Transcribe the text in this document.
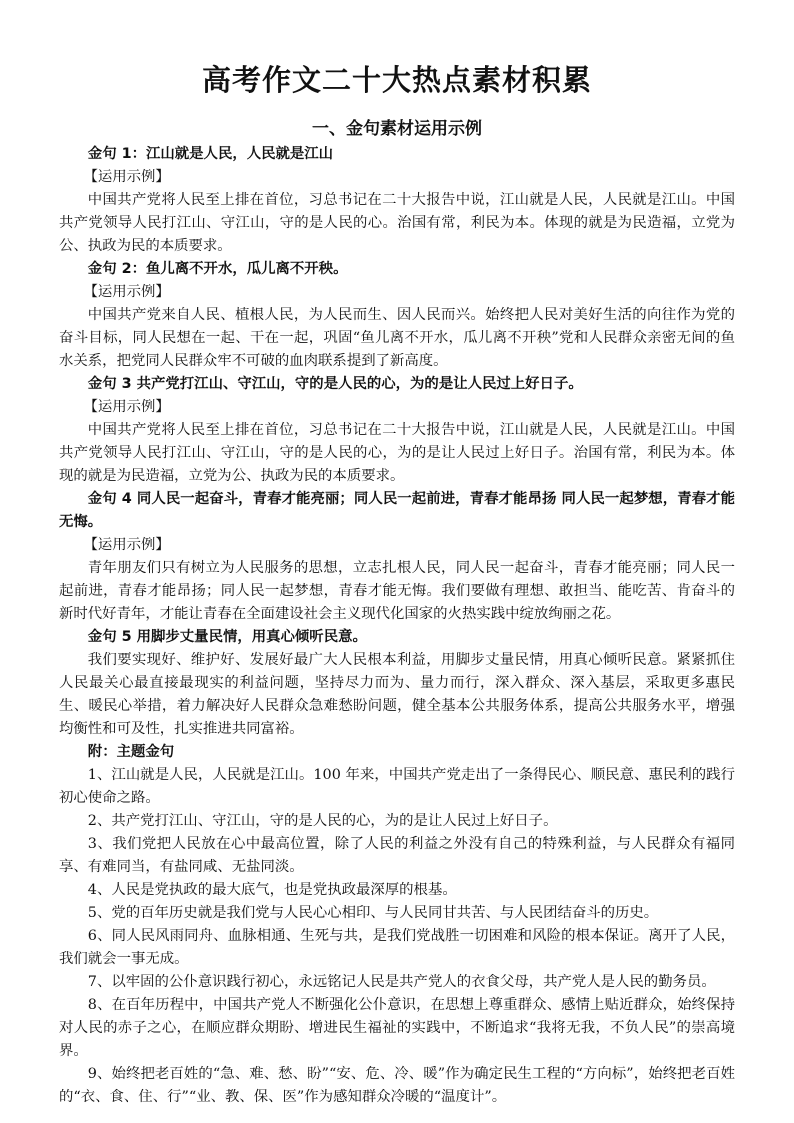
高考作文二十大热点素材积累
一、金句素材运用示例

金句 1：江山就是人民，人民就是江山

【运用示例】

中国共产党将人民至上排在首位，习总书记在二十大报告中说，江山就是人民，人民就是江山。中国共产党领导人民打江山、守江山，守的是人民的心。治国有常，利民为本。体现的就是为民造福，立党为公、执政为民的本质要求。

金句 2：鱼儿离不开水，瓜儿离不开秧。

【运用示例】

中国共产党来自人民、植根人民，为人民而生、因人民而兴。始终把人民对美好生活的向往作为党的奋斗目标，同人民想在一起、干在一起，巩固“鱼儿离不开水，瓜儿离不开秧”党和人民群众亲密无间的鱼水关系，把党同人民群众牢不可破的血肉联系提到了新高度。

金句 3 共产党打江山、守江山，守的是人民的心，为的是让人民过上好日子。

【运用示例】

中国共产党将人民至上排在首位，习总书记在二十大报告中说，江山就是人民，人民就是江山。中国共产党领导人民打江山、守江山，守的是人民的心，为的是让人民过上好日子。治国有常，利民为本。体现的就是为民造福，立党为公、执政为民的本质要求。

金句 4 同人民一起奋斗，青春才能亮丽；同人民一起前进，青春才能昂扬 同人民一起梦想，青春才能无悔。

【运用示例】

青年朋友们只有树立为人民服务的思想，立志扎根人民，同人民一起奋斗，青春才能亮丽；同人民一起前进，青春才能昂扬；同人民一起梦想，青春才能无悔。我们要做有理想、敢担当、能吃苦、肯奋斗的新时代好青年，才能让青春在全面建设社会主义现代化国家的火热实践中绽放绚丽之花。

金句 5 用脚步丈量民情，用真心倾听民意。

我们要实现好、维护好、发展好最广大人民根本利益，用脚步丈量民情，用真心倾听民意。紧紧抓住人民最关心最直接最现实的利益问题，坚持尽力而为、量力而行，深入群众、深入基层，采取更多惠民生、暖民心举措，着力解决好人民群众急难愁盼问题，健全基本公共服务体系，提高公共服务水平，增强均衡性和可及性，扎实推进共同富裕。

附：主题金句

1、江山就是人民，人民就是江山。100 年来，中国共产党走出了一条得民心、顺民意、惠民利的践行初心使命之路。

2、共产党打江山、守江山，守的是人民的心，为的是让人民过上好日子。

3、我们党把人民放在心中最高位置，除了人民的利益之外没有自己的特殊利益，与人民群众有福同享、有难同当，有盐同咸、无盐同淡。

4、人民是党执政的最大底气，也是党执政最深厚的根基。

5、党的百年历史就是我们党与人民心心相印、与人民同甘共苦、与人民团结奋斗的历史。

6、同人民风雨同舟、血脉相通、生死与共，是我们党战胜一切困难和风险的根本保证。离开了人民，我们就会一事无成。

7、以牢固的公仆意识践行初心，永远铭记人民是共产党人的衣食父母，共产党人是人民的勤务员。

8、在百年历程中，中国共产党人不断强化公仆意识，在思想上尊重群众、感情上贴近群众，始终保持对人民的赤子之心，在顺应群众期盼、增进民生福祉的实践中，不断追求“我将无我，不负人民”的崇高境界。

9、始终把老百姓的“急、难、愁、盼”“安、危、冷、暖”作为确定民生工程的“方向标”，始终把老百姓的“衣、食、住、行”“业、教、保、医”作为感知群众冷暖的“温度计”。
